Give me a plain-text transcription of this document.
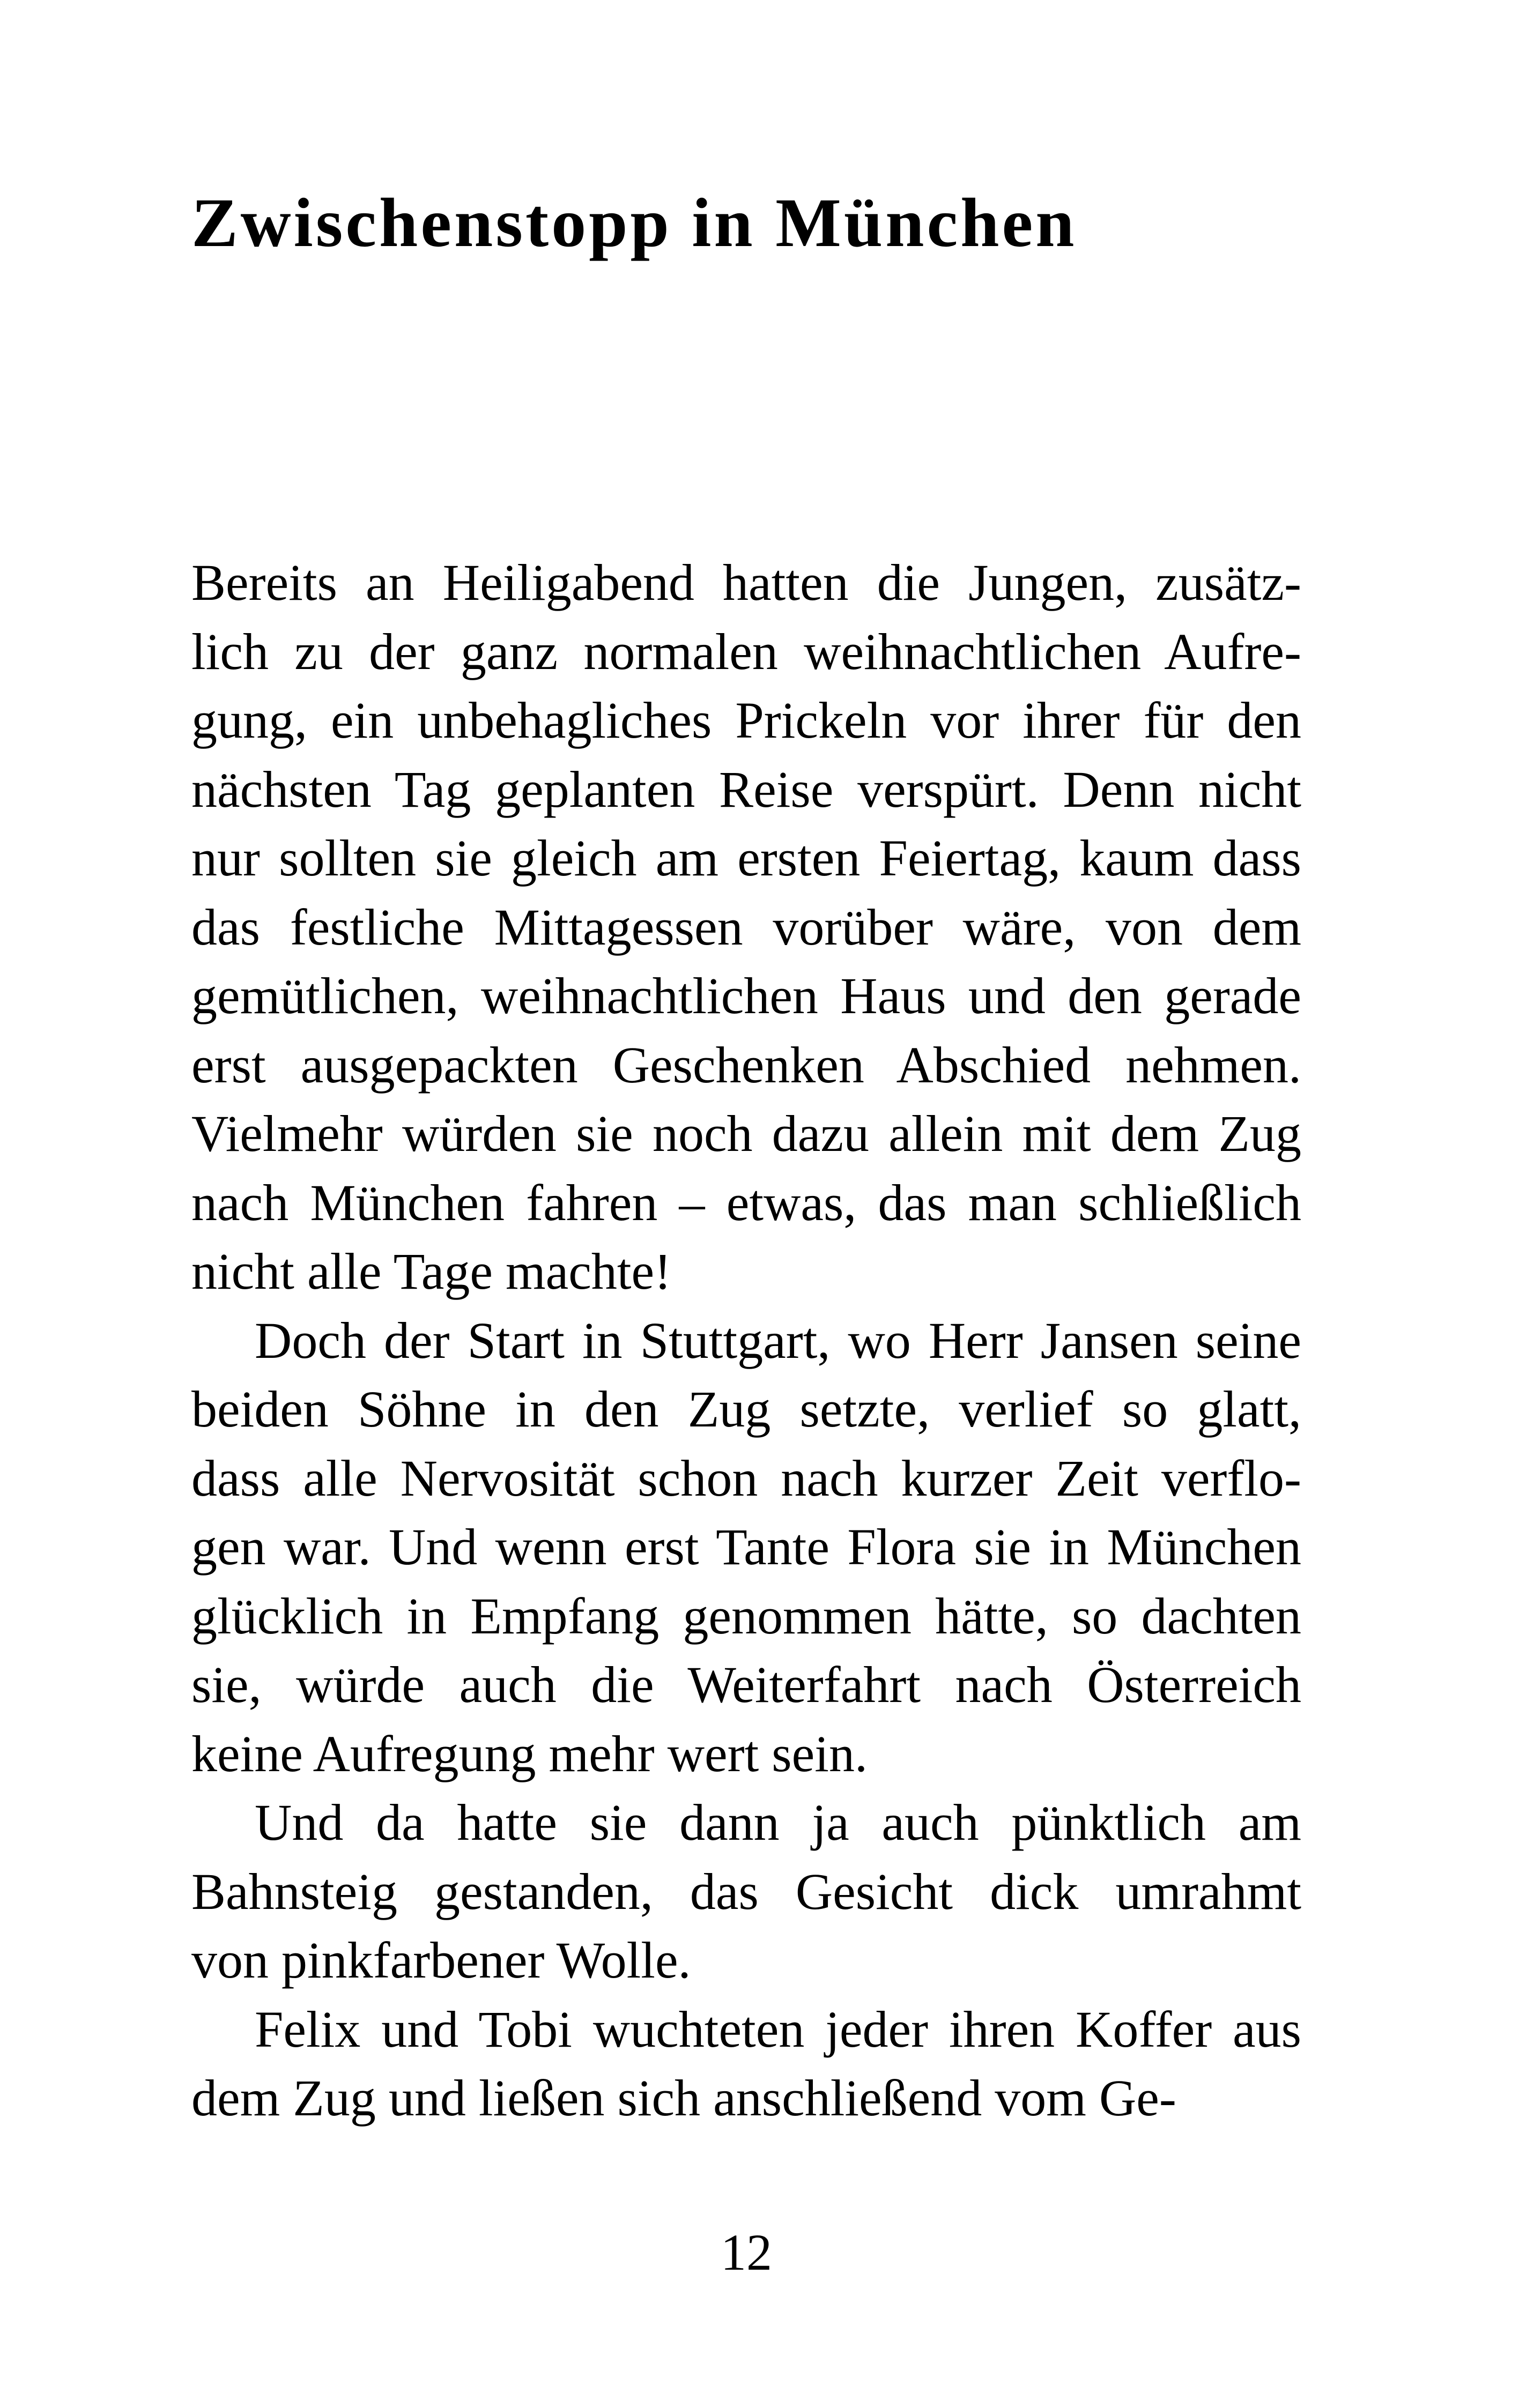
Zwischenstopp in München

Bereits an Heiligabend hatten die Jungen, zusätz-
lich zu der ganz normalen weihnachtlichen Aufre-
gung, ein unbehagliches Prickeln vor ihrer für den
nächsten Tag geplanten Reise verspürt. Denn nicht
nur sollten sie gleich am ersten Feiertag, kaum dass
das festliche Mittagessen vorüber wäre, von dem
gemütlichen, weihnachtlichen Haus und den gerade
erst ausgepackten Geschenken Abschied nehmen.
Vielmehr würden sie noch dazu allein mit dem Zug
nach München fahren – etwas, das man schließlich
nicht alle Tage machte!

Doch der Start in Stuttgart, wo Herr Jansen seine
beiden Söhne in den Zug setzte, verlief so glatt,
dass alle Nervosität schon nach kurzer Zeit verflo-
gen war. Und wenn erst Tante Flora sie in München
glücklich in Empfang genommen hätte, so dachten
sie, würde auch die Weiterfahrt nach Österreich
keine Aufregung mehr wert sein.

Und da hatte sie dann ja auch pünktlich am
Bahnsteig gestanden, das Gesicht dick umrahmt
von pinkfarbener Wolle.

Felix und Tobi wuchteten jeder ihren Koffer aus
dem Zug und ließen sich anschließend vom Ge-

12
